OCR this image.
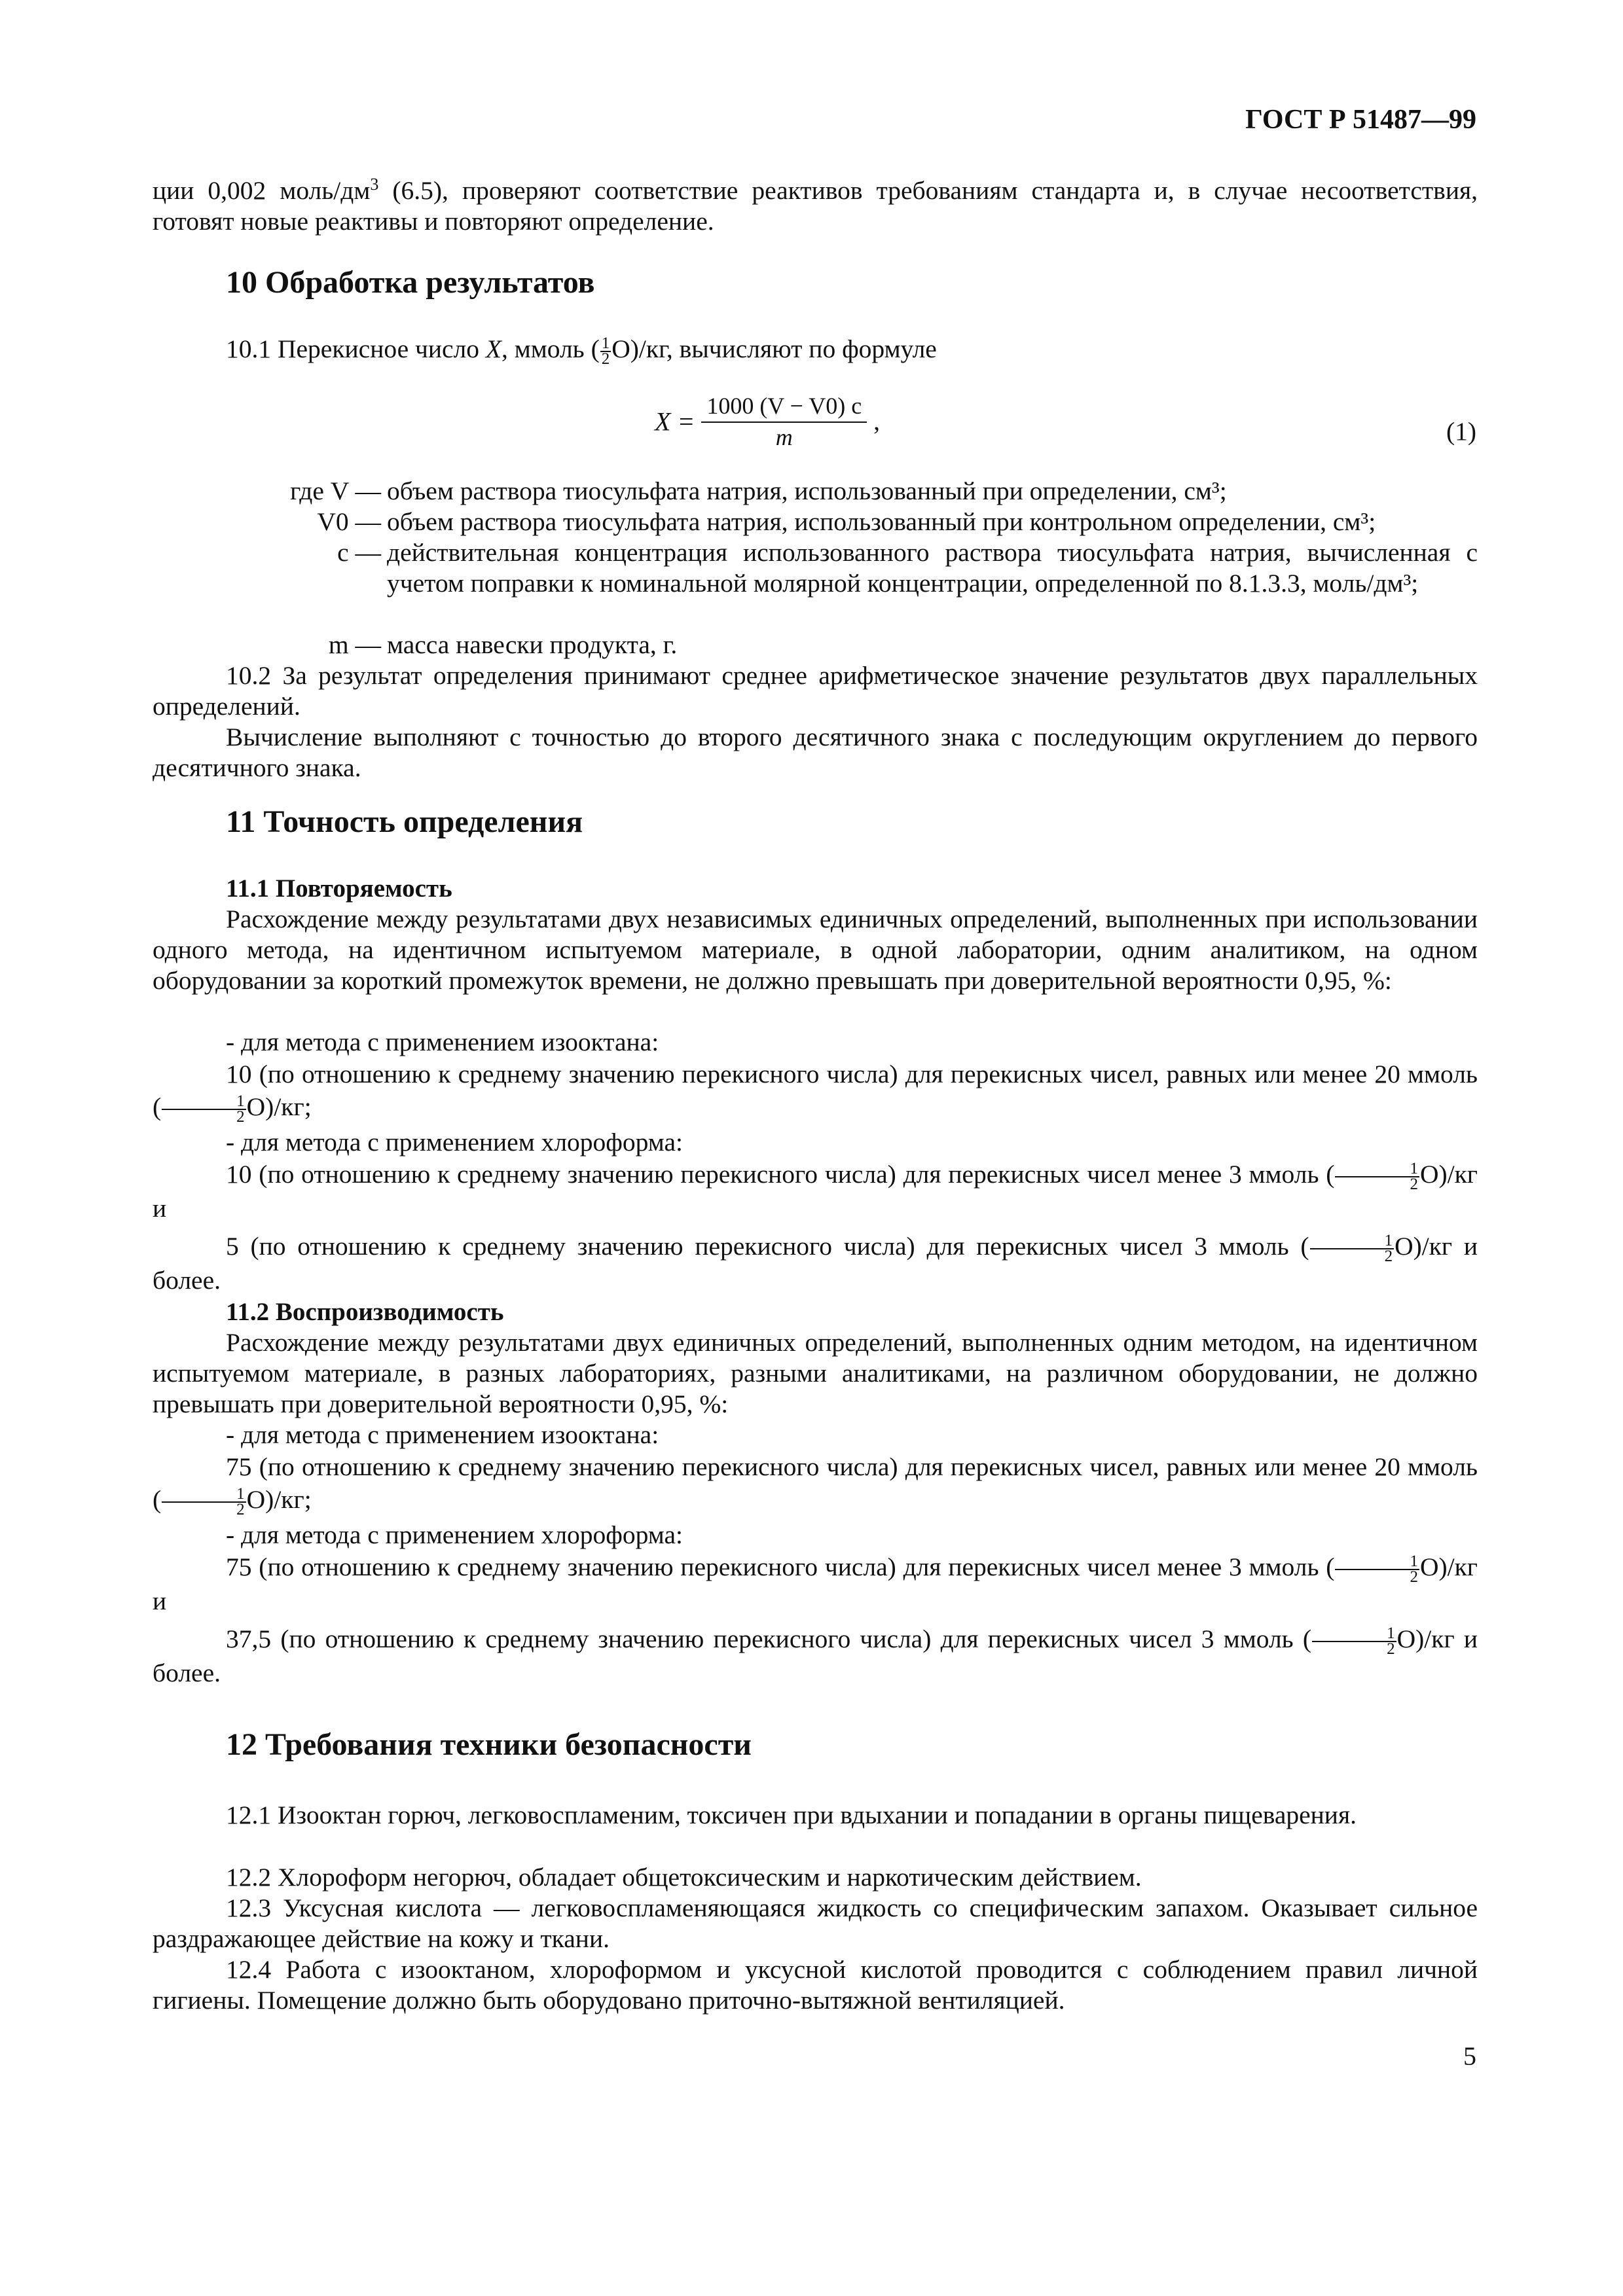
ГОСТ Р 51487—99

ции 0,002 моль/$дм^3$ (6.5), проверяют соответствие реактивов требованиям стандарта и, в случае несоответствия, готовят новые реактивы и повторяют определение.

10 Обработка результатов

10.1 Перекисное число X, ммоль ( $\frac{1}{2} O)/кг$, вычисляют по формуле

$X = \frac{1000 (V - V0) c}{m}$ ,	(1)
где V — объем раствора тиосульфата натрия, использованный при определении, см³;
V0 — объем раствора тиосульфата натрия, использованный при контрольном определении, см³;
c — действительная концентрация использованного раствора тиосульфата натрия, вычисленная с учетом поправки к номинальной молярной концентрации, определенной по 8.1.3.3, моль/дм³;
m — масса навески продукта, г.

10.2 За результат определения принимают среднее арифметическое значение результатов двух параллельных определений.

Вычисление выполняют с точностью до второго десятичного знака с последующим округлением до первого десятичного знака.

11 Точность определения
11.1 Повторяемость

Расхождение между результатами двух независимых единичных определений, выполненных при использовании одного метода, на идентичном испытуемом материале, в одной лаборатории, одним аналитиком, на одном оборудовании за короткий промежуток времени, не должно превышать при доверительной вероятности 0,95, %:

- для метода с применением изооктана:

10 (по отношению к среднему значению перекисного числа) для перекисных чисел, равных или менее 20 ммоль ( $\frac{1}{2} O)/кг$;

- для метода с применением хлороформа:

10 (по отношению к среднему значению перекисного числа) для перекисных чисел менее 3 ммоль ( $\frac{1}{2} O)/кг$ и

5 (по отношению к среднему значению перекисного числа) для перекисных чисел 3 ммоль ( $\frac{1}{2} O)/кг$ и более.

11.2 Воспроизводимость

Расхождение между результатами двух единичных определений, выполненных одним методом, на идентичном испытуемом материале, в разных лабораториях, разными аналитиками, на различном оборудовании, не должно превышать при доверительной вероятности 0,95, %:

- для метода с применением изооктана:

75 (по отношению к среднему значению перекисного числа) для перекисных чисел, равных или менее 20 ммоль ( $\frac{1}{2} O)/кг$;

- для метода с применением хлороформа:

75 (по отношению к среднему значению перекисного числа) для перекисных чисел менее 3 ммоль ( $\frac{1}{2} O)/кг$ и

37,5 (по отношению к среднему значению перекисного числа) для перекисных чисел 3 ммоль ( $\frac{1}{2} O)/кг$ и более.

12 Требования техники безопасности

12.1 Изооктан горюч, легковоспламеним, токсичен при вдыхании и попадании в органы пищеварения.

12.2 Хлороформ негорюч, обладает общетоксическим и наркотическим действием.

12.3 Уксусная кислота — легковоспламеняющаяся жидкость со специфическим запахом. Оказывает сильное раздражающее действие на кожу и ткани.

12.4 Работа с изооктаном, хлороформом и уксусной кислотой проводится с соблюдением правил личной гигиены. Помещение должно быть оборудовано приточно-вытяжной вентиляцией.

5
